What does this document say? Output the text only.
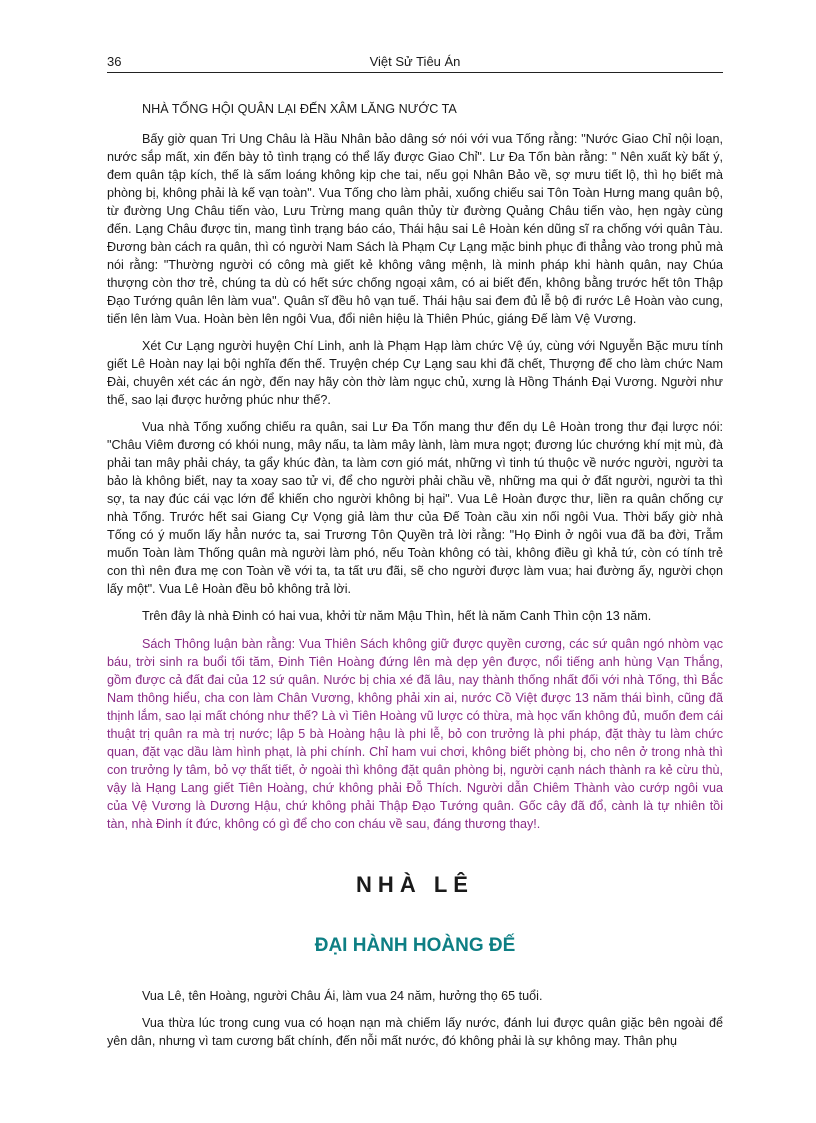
36	Việt Sử Tiêu Án

NHÀ TỐNG HỘI QUÂN LẠI ĐẾN XÂM LĂNG NƯỚC TA

Bấy giờ quan Tri Ung Châu là Hầu Nhân bảo dâng sớ nói với vua Tống rằng: "Nước Giao Chỉ nội loạn, nước sắp mất, xin đến bày tỏ tình trạng có thể lấy được Giao Chỉ". Lư Đa Tốn bàn rằng: " Nên xuất kỳ bất ý, đem quân tập kích, thế là sấm loáng không kịp che tai, nếu gọi Nhân Bảo về, sợ mưu tiết lộ, thì họ biết mà phòng bị, không phải là kế vạn toàn". Vua Tống cho làm phải, xuống chiếu sai Tôn Toàn Hưng mang quân bộ, từ đường Ung Châu tiến vào, Lưu Trừng mang quân thủy từ đường Quảng Châu tiến vào, hẹn ngày cùng đến. Lạng Châu được tin, mang tình trạng báo cáo, Thái hậu sai Lê Hoàn kén dũng sĩ ra chống với quân Tàu. Đương bàn cách ra quân, thì có người Nam Sách là Phạm Cự Lạng mặc binh phục đi thẳng vào trong phủ mà nói rằng: "Thường người có công mà giết kẻ không vâng mệnh, là minh pháp khi hành quân, nay Chúa thượng còn thơ trẻ, chúng ta dù có hết sức chống ngoại xâm, có ai biết đến, không bằng trước hết tôn Thập Đạo Tướng quân lên làm vua". Quân sĩ đều hô vạn tuế. Thái hậu sai đem đủ lễ bộ đi rước Lê Hoàn vào cung, tiến lên làm Vua. Hoàn bèn lên ngôi Vua, đổi niên hiệu là Thiên Phúc, giáng Đế làm Vệ Vương.

Xét Cư Lạng người huyện Chí Linh, anh là Phạm Hạp làm chức Vệ úy, cùng với Nguyễn Bặc mưu tính giết Lê Hoàn nay lại bội nghĩa đến thế. Truyện chép Cự Lạng sau khi đã chết, Thượng đế cho làm chức Nam Đài, chuyên xét các án ngờ, đến nay hãy còn thờ làm ngục chủ, xưng là Hồng Thánh Đại Vương. Người như thế, sao lại được hưởng phúc như thế?.

Vua nhà Tống xuống chiếu ra quân, sai Lư Đa Tốn mang thư đến dụ Lê Hoàn trong thư đại lược nói: "Châu Viêm đương có khói nung, mây nấu, ta làm mây lành, làm mưa ngọt; đương lúc chướng khí mịt mù, đà phải tan mây phải cháy, ta gẩy khúc đàn, ta làm cơn gió mát, những vì tinh tú thuộc về nước người, người ta bảo là không biết, nay ta xoay sao tử vi, để cho người phải chầu về, những ma qui ở đất người, người ta thì sợ, ta nay đúc cái vạc lớn để khiến cho người không bị hại". Vua Lê Hoàn được thư, liền ra quân chống cự nhà Tống. Trước hết sai Giang Cự Vọng giả làm thư của Đế Toàn cầu xin nối ngôi Vua. Thời bấy giờ nhà Tống có ý muốn lấy hẳn nước ta, sai Trương Tôn Quyền trả lời rằng: "Họ Đinh ở ngôi vua đã ba đời, Trẫm muốn Toàn làm Thống quân mà người làm phó, nếu Toàn không có tài, không điều gì khả tứ, còn có tính trẻ con thì nên đưa mẹ con Toàn về với ta, ta tất ưu đãi, sẽ cho người được làm vua; hai đường ấy, người chọn lấy một". Vua Lê Hoàn đều bỏ không trả lời.

Trên đây là nhà Đinh có hai vua, khởi từ năm Mậu Thìn, hết là năm Canh Thìn cộn 13 năm.

Sách Thông luận bàn rằng: Vua Thiên Sách không giữ được quyền cương, các sứ quân ngó nhòm vạc báu, trời sinh ra buổi tối tăm, Đinh Tiên Hoàng đứng lên mà dẹp yên được, nổi tiếng anh hùng Vạn Thắng, gồm được cả đất đai của 12 sứ quân. Nước bị chia xé đã lâu, nay thành thống nhất đối với nhà Tống, thì Bắc Nam thông hiểu, cha con làm Chân Vương, không phải xin ai, nước Cồ Việt được 13 năm thái bình, cũng đã thịnh lắm, sao lại mất chóng như thế? Là vì Tiên Hoàng vũ lược có thừa, mà học vấn không đủ, muốn đem cái thuật trị quân ra mà trị nước; lập 5 bà Hoàng hậu là phi lễ, bỏ con trưởng là phi pháp, đặt thày tu làm chức quan, đặt vạc dầu làm hình phạt, là phi chính. Chỉ ham vui chơi, không biết phòng bị, cho nên ở trong nhà thì con trưởng ly tâm, bỏ vợ thất tiết, ở ngoài thì không đặt quân phòng bị, người cạnh nách thành ra kẻ cừu thù, vậy là Hạng Lang giết Tiên Hoàng, chứ không phải Đỗ Thích. Người dẫn Chiêm Thành vào cướp ngôi vua của Vệ Vương là Dương Hậu, chứ không phải Thập Đạo Tướng quân. Gốc cây đã đổ, cành là tự nhiên tồi tàn, nhà Đinh ít đức, không có gì để cho con cháu về sau, đáng thương thay!.

NHÀ LÊ
ĐẠI HÀNH HOÀNG ĐẾ

Vua Lê, tên Hoàng, người Châu Ái, làm vua 24 năm, hưởng thọ 65 tuổi.

Vua thừa lúc trong cung vua có hoạn nạn mà chiếm lấy nước, đánh lui được quân giặc bên ngoài để yên dân, nhưng vì tam cương bất chính, đến nỗi mất nước, đó không phải là sự không may. Thân phụ
